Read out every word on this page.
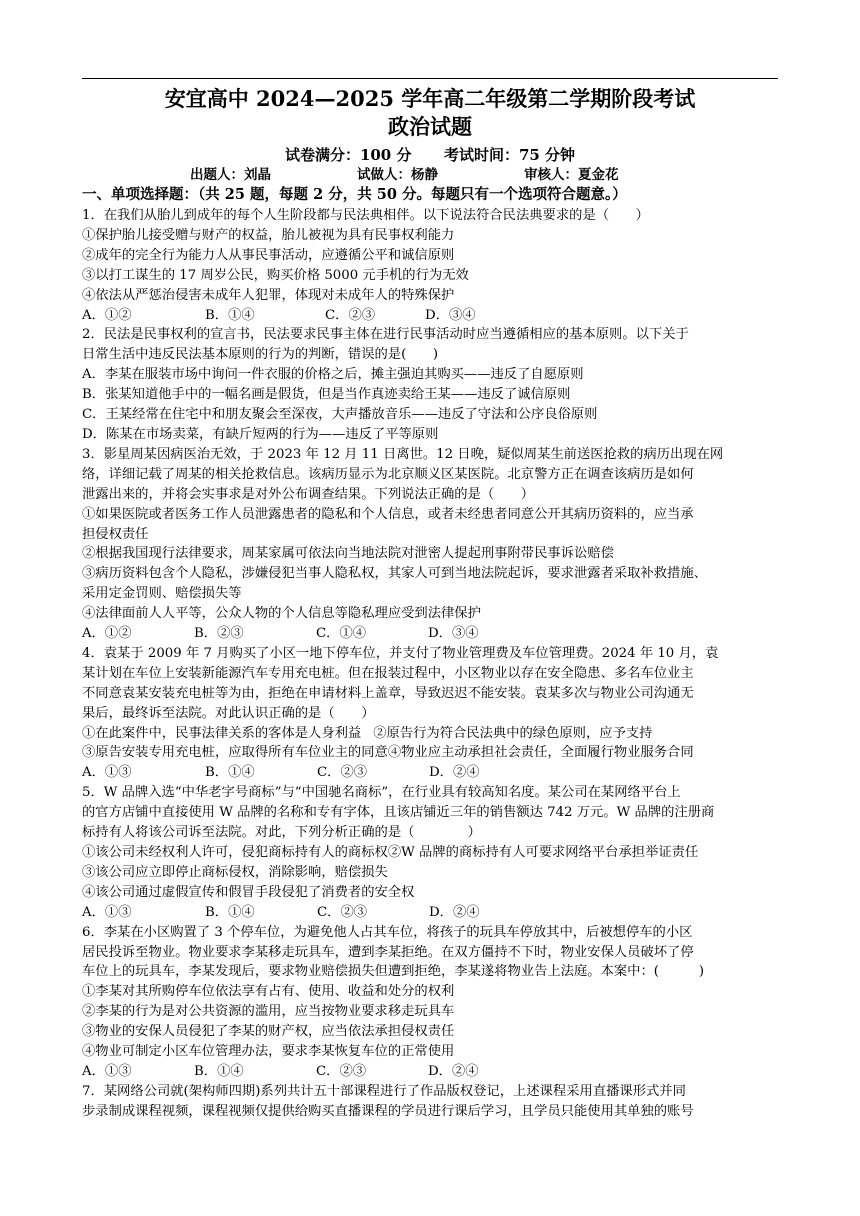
安宜高中 2024—2025 学年高二年级第二学期阶段考试
政治试题
试卷满分：100 分 考试时间：75 分钟
出题人：刘晶	试做人：杨静	审核人：夏金花
一、单项选择题：（共 25 题，每题 2 分，共 50 分。每题只有一个选项符合题意。）
1．在我们从胎儿到成年的每个人生阶段都与民法典相伴。以下说法符合民法典要求的是（　　）
①保护胎儿接受赠与财产的权益，胎儿被视为具有民事权利能力
②成年的完全行为能力人从事民事活动，应遵循公平和诚信原则
③以打工谋生的 17 周岁公民，购买价格 5000 元手机的行为无效
④依法从严惩治侵害未成年人犯罪，体现对未成年人的特殊保护
A．①②	B．①④	C．②③	D．③④
2．民法是民事权利的宣言书，民法要求民事主体在进行民事活动时应当遵循相应的基本原则。以下关于
日常生活中违反民法基本原则的行为的判断，错误的是(　　)
A．李某在服装市场中询问一件衣服的价格之后，摊主强迫其购买——违反了自愿原则
B．张某知道他手中的一幅名画是假货，但是当作真迹卖给王某——违反了诚信原则
C．王某经常在住宅中和朋友聚会至深夜，大声播放音乐——违反了守法和公序良俗原则
D．陈某在市场卖菜，有缺斤短两的行为——违反了平等原则
3．影星周某因病医治无效，于 2023 年 12 月 11 日离世。12 日晚，疑似周某生前送医抢救的病历出现在网
络，详细记载了周某的相关抢救信息。该病历显示为北京顺义区某医院。北京警方正在调查该病历是如何
泄露出来的，并将会实事求是对外公布调查结果。下列说法正确的是（　　）
①如果医院或者医务工作人员泄露患者的隐私和个人信息，或者未经患者同意公开其病历资料的，应当承
担侵权责任
②根据我国现行法律要求，周某家属可依法向当地法院对泄密人提起刑事附带民事诉讼赔偿
③病历资料包含个人隐私，涉嫌侵犯当事人隐私权，其家人可到当地法院起诉，要求泄露者采取补救措施、
采用定金罚则、赔偿损失等
④法律面前人人平等，公众人物的个人信息等隐私理应受到法律保护
A．①②	B．②③	C．①④	D．③④
4．袁某于 2009 年 7 月购买了小区一地下停车位，并支付了物业管理费及车位管理费。2024 年 10 月，袁
某计划在车位上安装新能源汽车专用充电桩。但在报装过程中，小区物业以存在安全隐患、多名车位业主
不同意袁某安装充电桩等为由，拒绝在申请材料上盖章，导致迟迟不能安装。袁某多次与物业公司沟通无
果后，最终诉至法院。对此认识正确的是（　　）
①在此案件中，民事法律关系的客体是人身利益 ②原告行为符合民法典中的绿色原则，应予支持
③原告安装专用充电桩，应取得所有车位业主的同意④物业应主动承担社会责任，全面履行物业服务合同
A．①③	B．①④	C．②③	D．②④
5．W 品牌入选“中华老字号商标”与“中国驰名商标”，在行业具有较高知名度。某公司在某网络平台上
的官方店铺中直接使用 W 品牌的名称和专有字体，且该店铺近三年的销售额达 742 万元。W 品牌的注册商
标持有人将该公司诉至法院。对此，下列分析正确的是（　　　　）
①该公司未经权利人许可，侵犯商标持有人的商标权②W 品牌的商标持有人可要求网络平台承担举证责任
③该公司应立即停止商标侵权，消除影响，赔偿损失
④该公司通过虚假宣传和假冒手段侵犯了消费者的安全权
A．①③	B．①④	C．②③	D．②④
6．李某在小区购置了 3 个停车位，为避免他人占其车位，将孩子的玩具车停放其中，后被想停车的小区
居民投诉至物业。物业要求李某移走玩具车，遭到李某拒绝。在双方僵持不下时，物业安保人员破坏了停
车位上的玩具车，李某发现后，要求物业赔偿损失但遭到拒绝，李某遂将物业告上法庭。本案中：(　　　)
①李某对其所购停车位依法享有占有、使用、收益和处分的权利
②李某的行为是对公共资源的滥用，应当按物业要求移走玩具车
③物业的安保人员侵犯了李某的财产权，应当依法承担侵权责任
④物业可制定小区车位管理办法，要求李某恢复车位的正常使用
A．①③	B．①④	C．②③	D．②④
7．某网络公司就(架构师四期)系列共计五十部课程进行了作品版权登记，上述课程采用直播课形式并同
步录制成课程视频，课程视频仅提供给购买直播课程的学员进行课后学习，且学员只能使用其单独的账号
